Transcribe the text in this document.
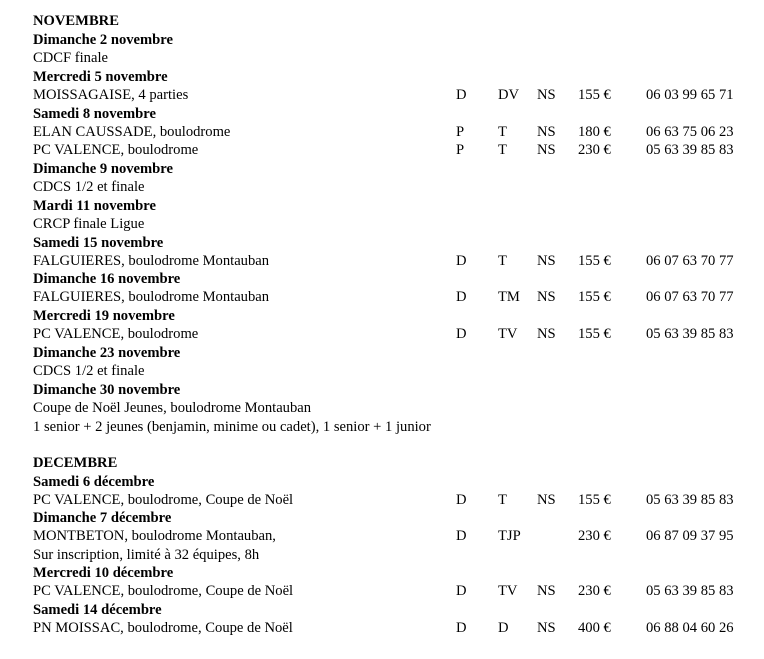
NOVEMBRE
Dimanche 2 novembre
CDCF finale
Mercredi 5 novembre
MOISSAGAISE, 4 parties	D DV NS 155 € 06 03 99 65 71
Samedi 8 novembre
ELAN CAUSSADE, boulodrome	P T NS 180 € 06 63 75 06 23
PC VALENCE, boulodrome	P T NS 230 € 05 63 39 85 83
Dimanche 9 novembre
CDCS 1/2 et finale
Mardi 11 novembre
CRCP finale Ligue
Samedi 15 novembre
FALGUIERES, boulodrome Montauban	D T NS 155 € 06 07 63 70 77
Dimanche 16 novembre
FALGUIERES, boulodrome Montauban	D TM NS 155 € 06 07 63 70 77
Mercredi 19 novembre
PC VALENCE, boulodrome	D TV NS 155 € 05 63 39 85 83
Dimanche 23 novembre
CDCS 1/2 et finale
Dimanche 30 novembre
Coupe de Noël Jeunes, boulodrome Montauban
1 senior + 2 jeunes (benjamin, minime ou cadet), 1 senior + 1 junior
DECEMBRE
Samedi 6 décembre
PC VALENCE, boulodrome, Coupe de Noël	D T NS 155 € 05 63 39 85 83
Dimanche 7 décembre
MONTBETON, boulodrome Montauban,	D TJP	230 € 06 87 09 37 95
Sur inscription, limité à 32 équipes, 8h
Mercredi 10 décembre
PC VALENCE, boulodrome, Coupe de Noël	D TV NS 230 € 05 63 39 85 83
Samedi 14 décembre
PN MOISSAC, boulodrome, Coupe de Noël	D D NS 400 € 06 88 04 60 26
